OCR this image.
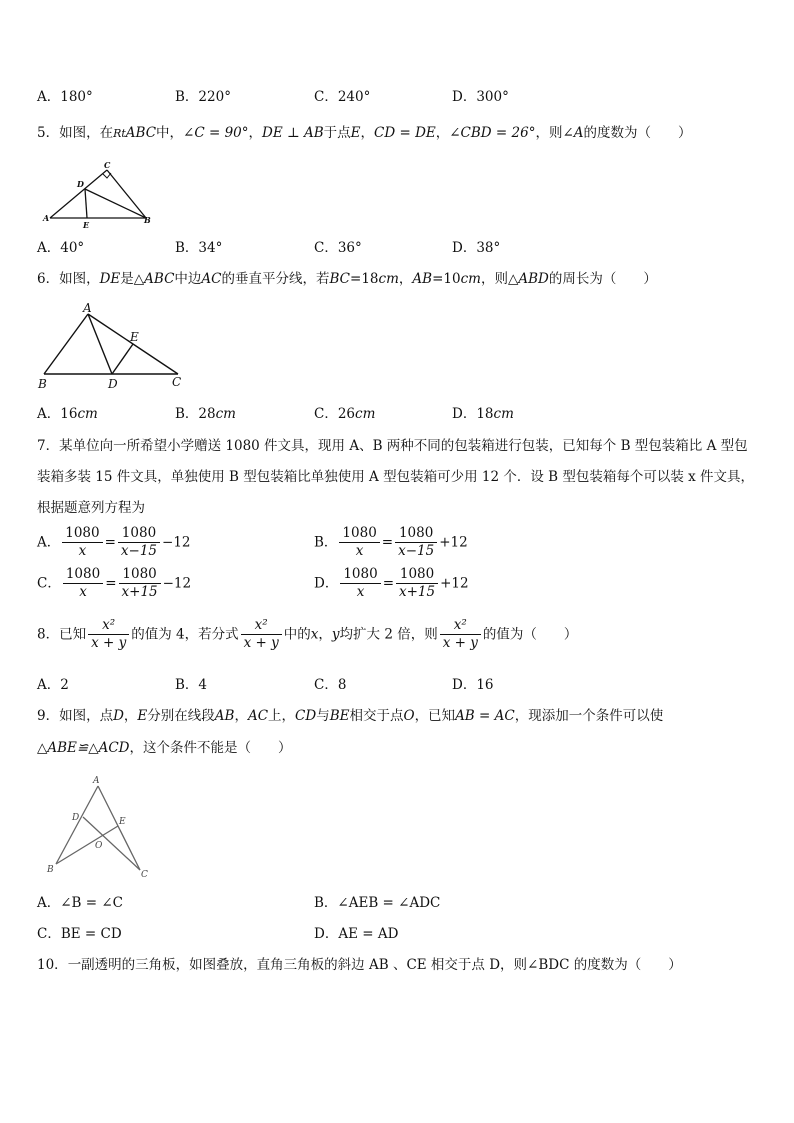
A．180°	B．220°	C．240°	D．300°
5．如图，在RtABC中，∠C = 90°，DE ⊥ AB于点E，CD = DE，∠CBD = 26°，则∠A的度数为（　　）
C
D
A
E	B
A．40°	B．34°	C．36°	D．38°
6．如图，DE是△ABC中边AC的垂直平分线，若BC=18cm，AB=10cm，则△ABD的周长为（　　）
A
E
B	D	C
A．16cm	B．28cm	C．26cm	D．18cm
7．某单位向一所希望小学赠送 1080 件文具，现用 A、B 两种不同的包装箱进行包装，已知每个 B 型包装箱比 A 型包
装箱多装 15 件文具，单独使用 B 型包装箱比单独使用 A 型包装箱可少用 12 个．设 B 型包装箱每个可以装 x 件文具，
根据题意列方程为
A． $\frac{1080}{x} = \frac{1080}{x-15} -12$	B． $\frac{1080}{x} = \frac{1080}{x-15} +12$
C． $\frac{1080}{x} = \frac{1080}{x+15} -12$	D． $\frac{1080}{x} = \frac{1080}{x+15} +12$
8．已知 $\frac{\text{x²}}{x + y}$ 的值为 4，若分式 $\frac{\text{x²}}{x + y}$ 中的x，y均扩大 2 倍，则 $\frac{\text{x²}}{x + y}$ 的值为（　　）
A．2	B．4	C．8	D．16
9．如图，点D，E分别在线段AB，AC上，CD与BE相交于点O，已知AB = AC，现添加一个条件可以使
△ABE≌△ACD，这个条件不能是（　　）
A
D	E
O
B	C
A．∠B = ∠C	B．∠AEB = ∠ADC
C．BE = CD	D．AE = AD
10．一副透明的三角板，如图叠放，直角三角板的斜边 AB 、CE 相交于点 D，则∠BDC 的度数为（　　）
